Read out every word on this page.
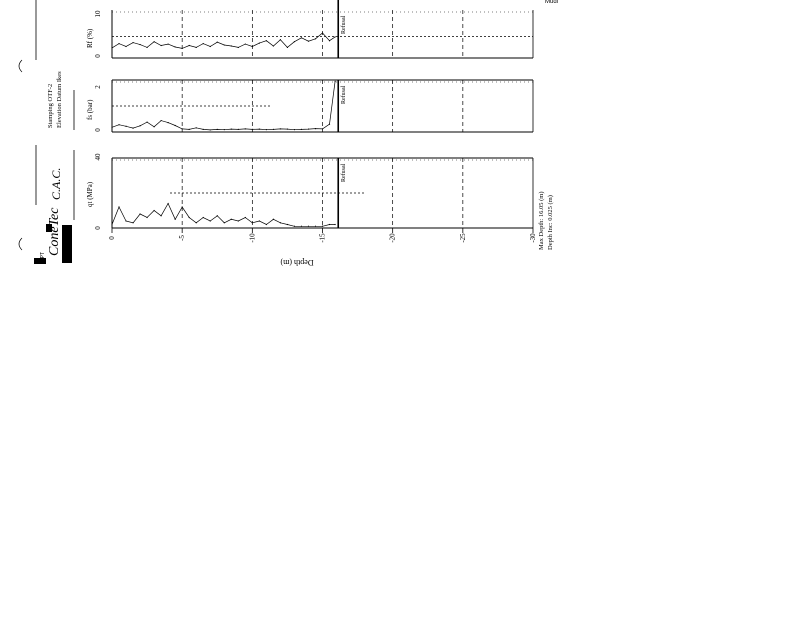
Refusal
Rf (%)
0
10
Refusal
fs (bar)
0
2
Refusal
qt (MPa)
0
40
0	-5	-10	-15	-20	-25	-30
Depth (m)
Max Depth: 16.05 (m) Depth Inc: 0.025 (m)
Mudl
Stamping OTF-2 Elevation Datum Ikes
C.A.C.
CPT
ConeTec CPT
